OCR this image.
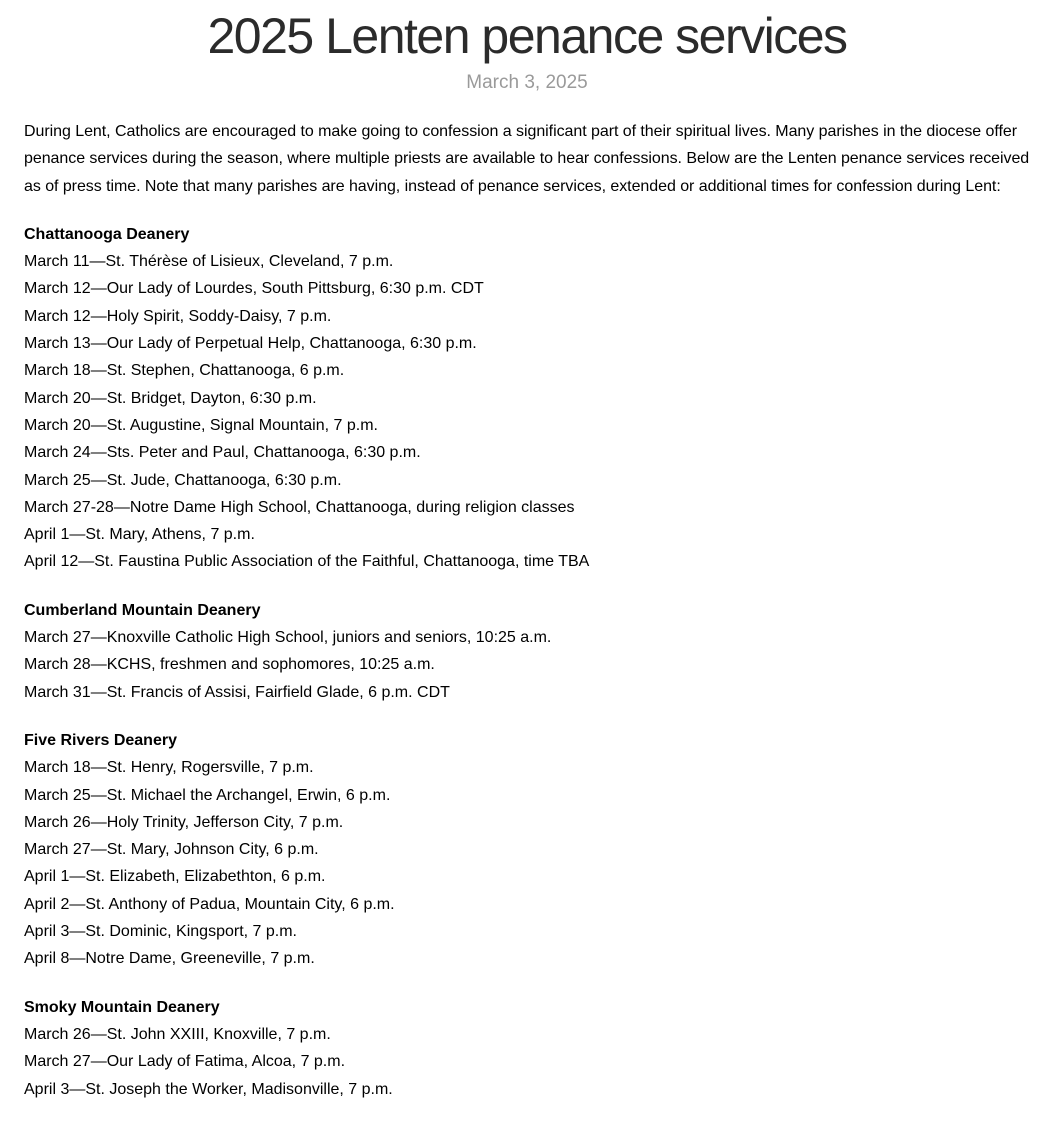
2025 Lenten penance services

March 3, 2025

During Lent, Catholics are encouraged to make going to confession a significant part of their spiritual lives. Many parishes in the diocese offer penance services during the season, where multiple priests are available to hear confessions. Below are the Lenten penance services received as of press time. Note that many parishes are having, instead of penance services, extended or additional times for confession during Lent:

Chattanooga Deanery
March 11—St. Thérèse of Lisieux, Cleveland, 7 p.m.
March 12—Our Lady of Lourdes, South Pittsburg, 6:30 p.m. CDT
March 12—Holy Spirit, Soddy-Daisy, 7 p.m.
March 13—Our Lady of Perpetual Help, Chattanooga, 6:30 p.m.
March 18—St. Stephen, Chattanooga, 6 p.m.
March 20—St. Bridget, Dayton, 6:30 p.m.
March 20—St. Augustine, Signal Mountain, 7 p.m.
March 24—Sts. Peter and Paul, Chattanooga, 6:30 p.m.
March 25—St. Jude, Chattanooga, 6:30 p.m.
March 27-28—Notre Dame High School, Chattanooga, during religion classes
April 1—St. Mary, Athens, 7 p.m.
April 12—St. Faustina Public Association of the Faithful, Chattanooga, time TBA
Cumberland Mountain Deanery
March 27—Knoxville Catholic High School, juniors and seniors, 10:25 a.m.
March 28—KCHS, freshmen and sophomores, 10:25 a.m.
March 31—St. Francis of Assisi, Fairfield Glade, 6 p.m. CDT
Five Rivers Deanery
March 18—St. Henry, Rogersville, 7 p.m.
March 25—St. Michael the Archangel, Erwin, 6 p.m.
March 26—Holy Trinity, Jefferson City, 7 p.m.
March 27—St. Mary, Johnson City, 6 p.m.
April 1—St. Elizabeth, Elizabethton, 6 p.m.
April 2—St. Anthony of Padua, Mountain City, 6 p.m.
April 3—St. Dominic, Kingsport, 7 p.m.
April 8—Notre Dame, Greeneville, 7 p.m.
Smoky Mountain Deanery
March 26—St. John XXIII, Knoxville, 7 p.m.
March 27—Our Lady of Fatima, Alcoa, 7 p.m.
April 3—St. Joseph the Worker, Madisonville, 7 p.m.
